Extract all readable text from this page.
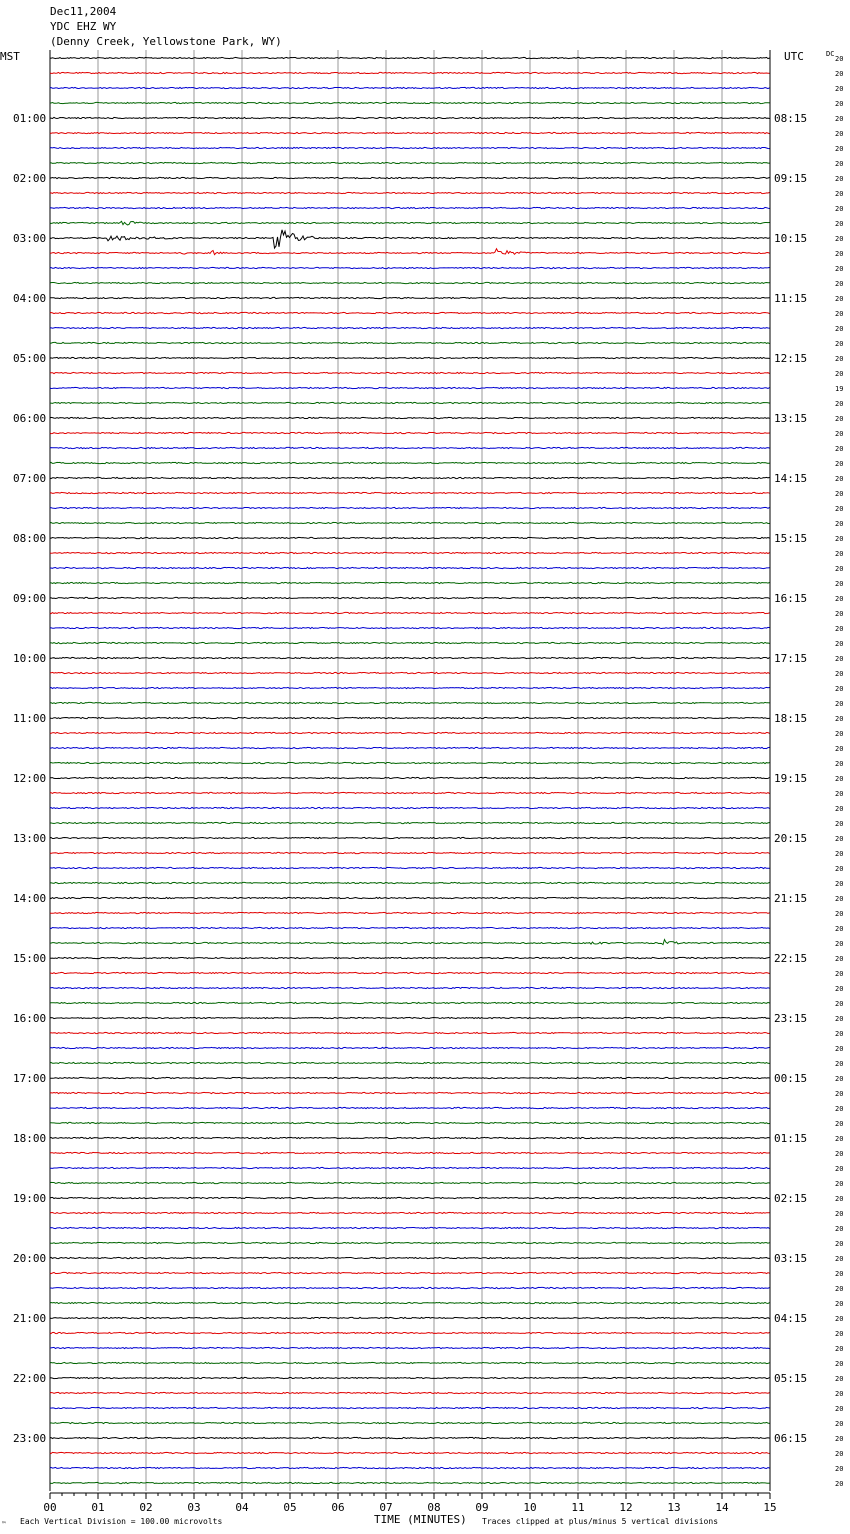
Dec11,2004
YDC EHZ WY
(Denny Creek, Yellowstone Park, WY)
MST	UTC	DC
01:00
02:00
03:00
04:00
05:00
06:00
07:00
08:00
09:00
10:00
11:00
12:00
13:00
14:00
15:00
16:00
17:00
18:00
19:00
20:00
21:00
22:00
23:00
08:15
09:15
10:15
11:15
12:15
13:15
14:15
15:15
16:15
17:15
18:15
19:15
20:15
21:15
22:15
23:15
00:15
01:15
02:15
03:15
04:15
05:15
06:15
20
20
20
20
20
20
20
20
20
20
20
20
20
20
20
20
20
20
20
20
20
20
19
20
20
20
20
20
20
20
20
20
20
20
20
20
20
20
20
20
20
20
20
20
20
20
20
20
20
20
20
20
20
20
20
20
20
20
20
20
20
20
20
20
20
20
20
20
20
20
20
20
20
20
20
20
20
20
20
20
20
20
20
20
20
20
20
20
20
20
20
20
20
20
20
20
00	01	02	03	04	05	06	07	08	09	10	11	12	13	14	15
™ Each Vertical Division = 100.00 microvolts	TIME (MINUTES) Traces clipped at plus/minus 5 vertical divisions
